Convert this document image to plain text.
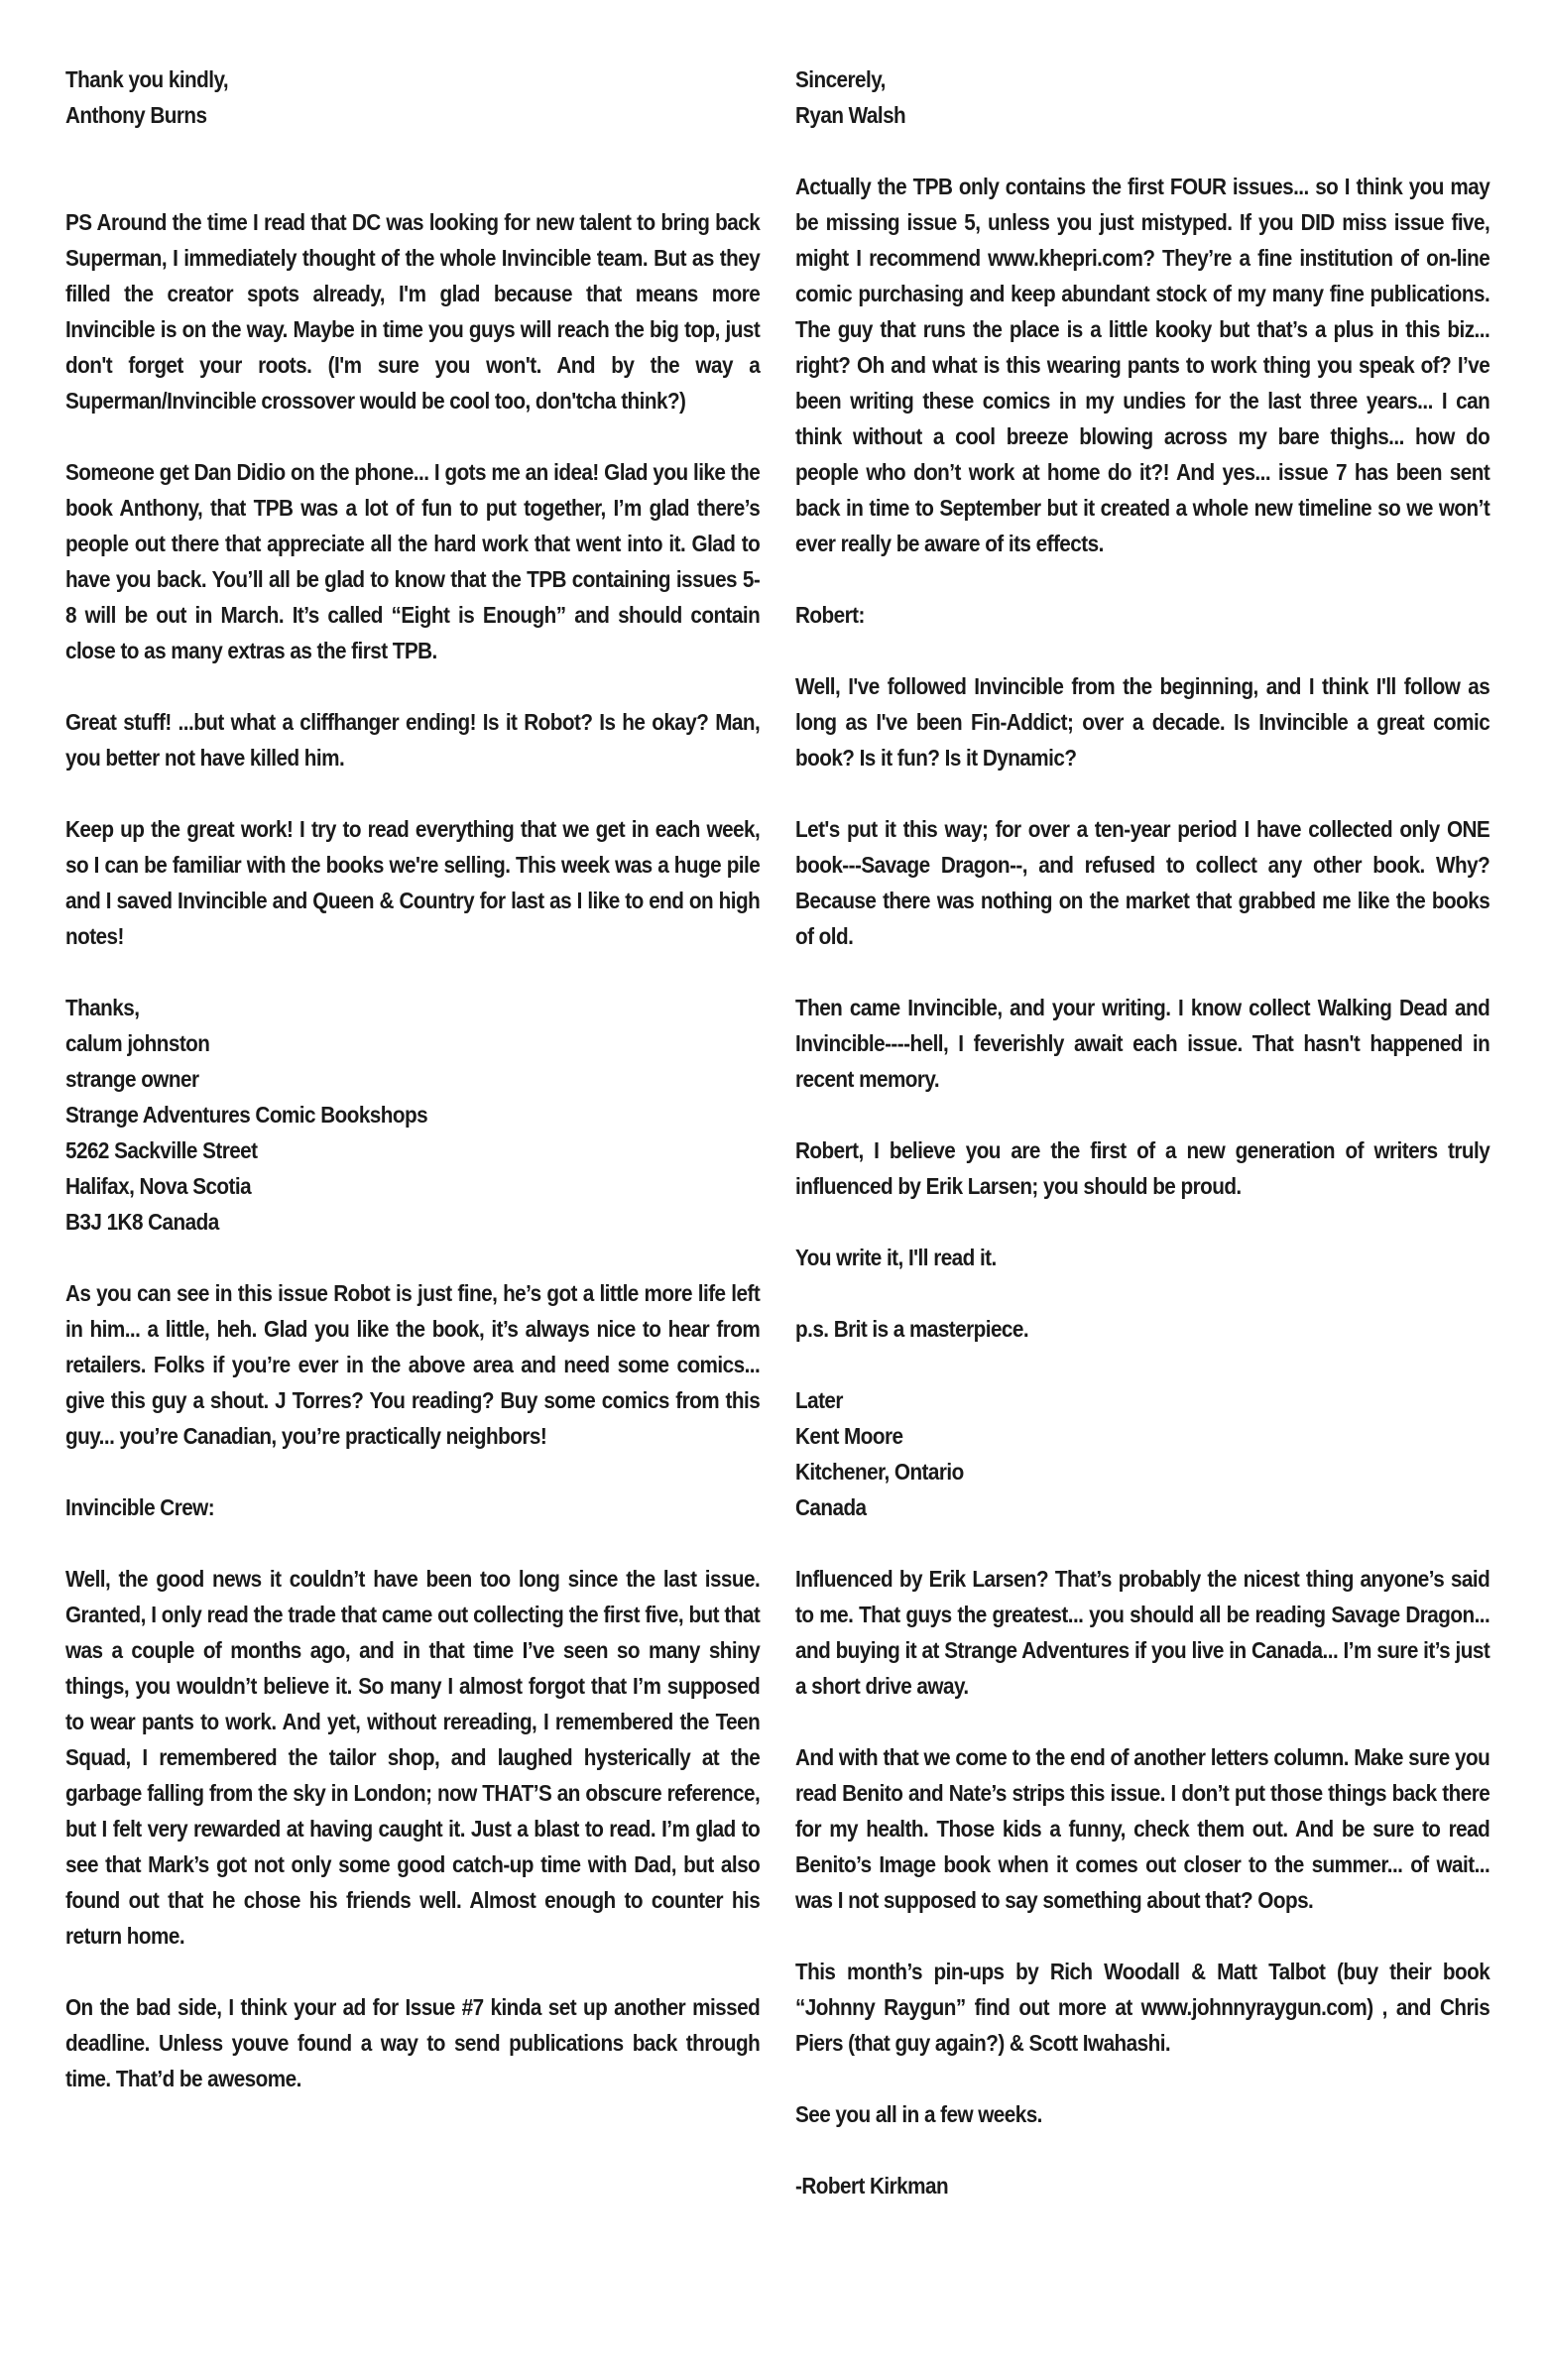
Thank you kindly,
Anthony Burns

PS Around the time I read that DC was looking for new talent to bring back Superman, I immediately thought of the whole Invincible team. But as they filled the creator spots already, I'm glad because that means more Invincible is on the way. Maybe in time you guys will reach the big top, just don't forget your roots. (I'm sure you won't. And by the way a Superman/Invincible crossover would be cool too, don'tcha think?)

Someone get Dan Didio on the phone... I gots me an idea! Glad you like the book Anthony, that TPB was a lot of fun to put together, I’m glad there’s people out there that appreciate all the hard work that went into it. Glad to have you back. You’ll all be glad to know that the TPB containing issues 5-8 will be out in March. It’s called “Eight is Enough” and should contain close to as many extras as the first TPB.

Great stuff! ...but what a cliffhanger ending! Is it Robot? Is he okay? Man, you better not have killed him.

Keep up the great work! I try to read everything that we get in each week, so I can be familiar with the books we're selling. This week was a huge pile and I saved Invincible and Queen & Country for last as I like to end on high notes!

Thanks,
calum johnston
strange owner
Strange Adventures Comic Bookshops
5262 Sackville Street
Halifax, Nova Scotia
B3J 1K8 Canada

As you can see in this issue Robot is just fine, he’s got a little more life left in him... a little, heh. Glad you like the book, it’s always nice to hear from retailers. Folks if you’re ever in the above area and need some comics... give this guy a shout. J Torres? You reading? Buy some comics from this guy... you’re Canadian, you’re practically neighbors!

Invincible Crew:

Well, the good news it couldn’t have been too long since the last issue. Granted, I only read the trade that came out collecting the first five, but that was a couple of months ago, and in that time I’ve seen so many shiny things, you wouldn’t believe it. So many I almost forgot that I’m supposed to wear pants to work. And yet, without rereading, I remembered the Teen Squad, I remembered the tailor shop, and laughed hysterically at the garbage falling from the sky in London; now THAT’S an obscure reference, but I felt very rewarded at having caught it. Just a blast to read. I’m glad to see that Mark’s got not only some good catch-up time with Dad, but also found out that he chose his friends well. Almost enough to counter his return home.

On the bad side, I think your ad for Issue #7 kinda set up another missed deadline. Unless youve found a way to send publications back through time. That’d be awesome.

Sincerely,
Ryan Walsh

Actually the TPB only contains the first FOUR issues... so I think you may be missing issue 5, unless you just mistyped. If you DID miss issue five, might I recommend www.khepri.com? They’re a fine institution of on-line comic purchasing and keep abundant stock of my many fine publications. The guy that runs the place is a little kooky but that’s a plus in this biz... right? Oh and what is this wearing pants to work thing you speak of? I’ve been writing these comics in my undies for the last three years... I can think without a cool breeze blowing across my bare thighs... how do people who don’t work at home do it?! And yes... issue 7 has been sent back in time to September but it created a whole new timeline so we won’t ever really be aware of its effects.

Robert:

Well, I've followed Invincible from the beginning, and I think I'll follow as long as I've been Fin-Addict; over a decade. Is Invincible a great comic book? Is it fun? Is it Dynamic?

Let's put it this way; for over a ten-year period I have collected only ONE book---Savage Dragon--, and refused to collect any other book. Why? Because there was nothing on the market that grabbed me like the books of old.

Then came Invincible, and your writing. I know collect Walking Dead and Invincible----hell, I feverishly await each issue. That hasn't happened in recent memory.

Robert, I believe you are the first of a new generation of writers truly influenced by Erik Larsen; you should be proud.

You write it, I'll read it.

p.s. Brit is a masterpiece.

Later
Kent Moore
Kitchener, Ontario
Canada

Influenced by Erik Larsen? That’s probably the nicest thing anyone’s said to me. That guys the greatest... you should all be reading Savage Dragon... and buying it at Strange Adventures if you live in Canada... I’m sure it’s just a short drive away.

And with that we come to the end of another letters column. Make sure you read Benito and Nate’s strips this issue. I don’t put those things back there for my health. Those kids a funny, check them out. And be sure to read Benito’s Image book when it comes out closer to the summer... of wait... was I not supposed to say something about that? Oops.

This month’s pin-ups by Rich Woodall & Matt Talbot (buy their book “Johnny Raygun” find out more at www.johnnyraygun.com) , and Chris Piers (that guy again?) & Scott Iwahashi.

See you all in a few weeks.

-Robert Kirkman
